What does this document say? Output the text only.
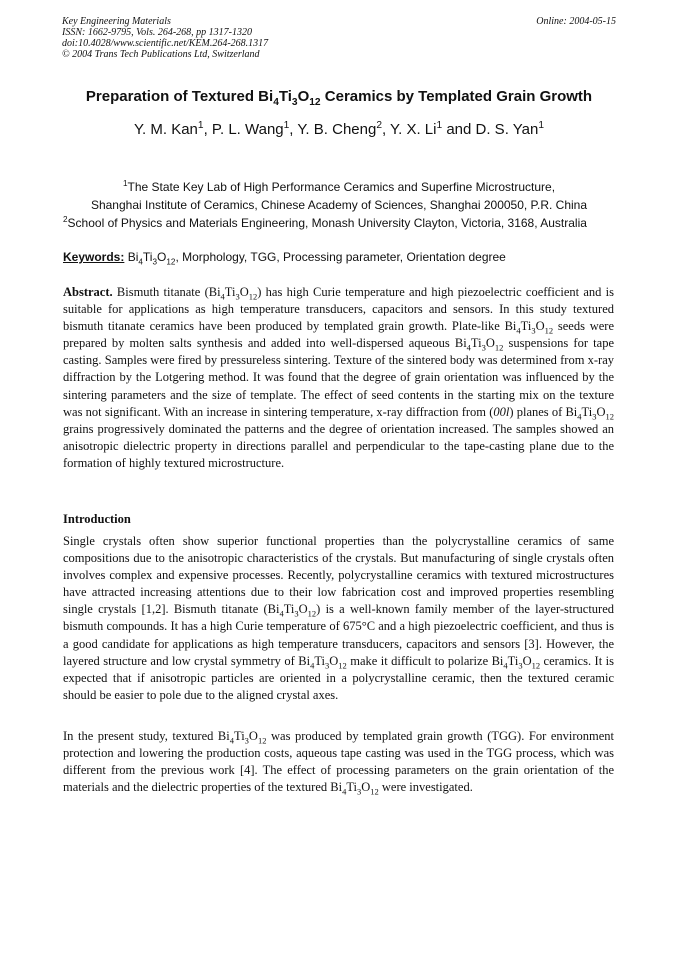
Key Engineering Materials
ISSN: 1662-9795, Vols. 264-268, pp 1317-1320
doi:10.4028/www.scientific.net/KEM.264-268.1317
© 2004 Trans Tech Publications Ltd, Switzerland
Online: 2004-05-15
Preparation of Textured $Bi_4Ti_3O_{12}$ Ceramics by Templated Grain Growth
Y. M. Kan$^1$, P. L. Wang$^1$, Y. B. Cheng$^2$, Y. X. Li$^1$ and D. S. Yan$^1$
$^1$The State Key Lab of High Performance Ceramics and Superfine Microstructure,
Shanghai Institute of Ceramics, Chinese Academy of Sciences, Shanghai 200050, P.R. China
$^2$School of Physics and Materials Engineering, Monash University Clayton, Victoria, 3168, Australia
Keywords: $Bi_4Ti_3O_{12}$, Morphology, TGG, Processing parameter, Orientation degree

Abstract. Bismuth titanate $(Bi_4Ti_3O_{12})$ has high Curie temperature and high piezoelectric coefficient and is suitable for applications as high temperature transducers, capacitors and sensors. In this study textured bismuth titanate ceramics have been produced by templated grain growth. Plate-like $Bi_4Ti_3O_{12}$ seeds were prepared by molten salts synthesis and added into well-dispersed aqueous $Bi_4Ti_3O_{12}$ suspensions for tape casting. Samples were fired by pressureless sintering. Texture of the sintered body was determined from x-ray diffraction by the Lotgering method. It was found that the degree of grain orientation was influenced by the sintering parameters and the size of template. The effect of seed contents in the starting mix on the texture was not significant. With an increase in sintering temperature, x-ray diffraction from (00l) planes of $Bi_4Ti_3O_{12}$ grains progressively dominated the patterns and the degree of orientation increased. The samples showed an anisotropic dielectric property in directions parallel and perpendicular to the tape-casting plane due to the formation of highly textured microstructure.

Introduction

Single crystals often show superior functional properties than the polycrystalline ceramics of same compositions due to the anisotropic characteristics of the crystals. But manufacturing of single crystals often involves complex and expensive processes. Recently, polycrystalline ceramics with textured microstructures have attracted increasing attentions due to their low fabrication cost and improved properties resembling single crystals [1,2]. Bismuth titanate $(Bi_4Ti_3O_{12})$ is a well-known family member of the layer-structured bismuth compounds. It has a high Curie temperature of 675°C and a high piezoelectric coefficient, and thus is a good candidate for applications as high temperature transducers, capacitors and sensors [3]. However, the layered structure and low crystal symmetry of $Bi_4Ti_3O_{12}$ make it difficult to polarize $Bi_4Ti_3O_{12}$ ceramics. It is expected that if anisotropic particles are oriented in a polycrystalline ceramic, then the textured ceramic should be easier to pole due to the aligned crystal axes.

In the present study, textured $Bi_4Ti_3O_{12}$ was produced by templated grain growth (TGG). For environment protection and lowering the production costs, aqueous tape casting was used in the TGG process, which was different from the previous work [4]. The effect of processing parameters on the grain orientation of the materials and the dielectric properties of the textured $Bi_4Ti_3O_{12}$ were investigated.
